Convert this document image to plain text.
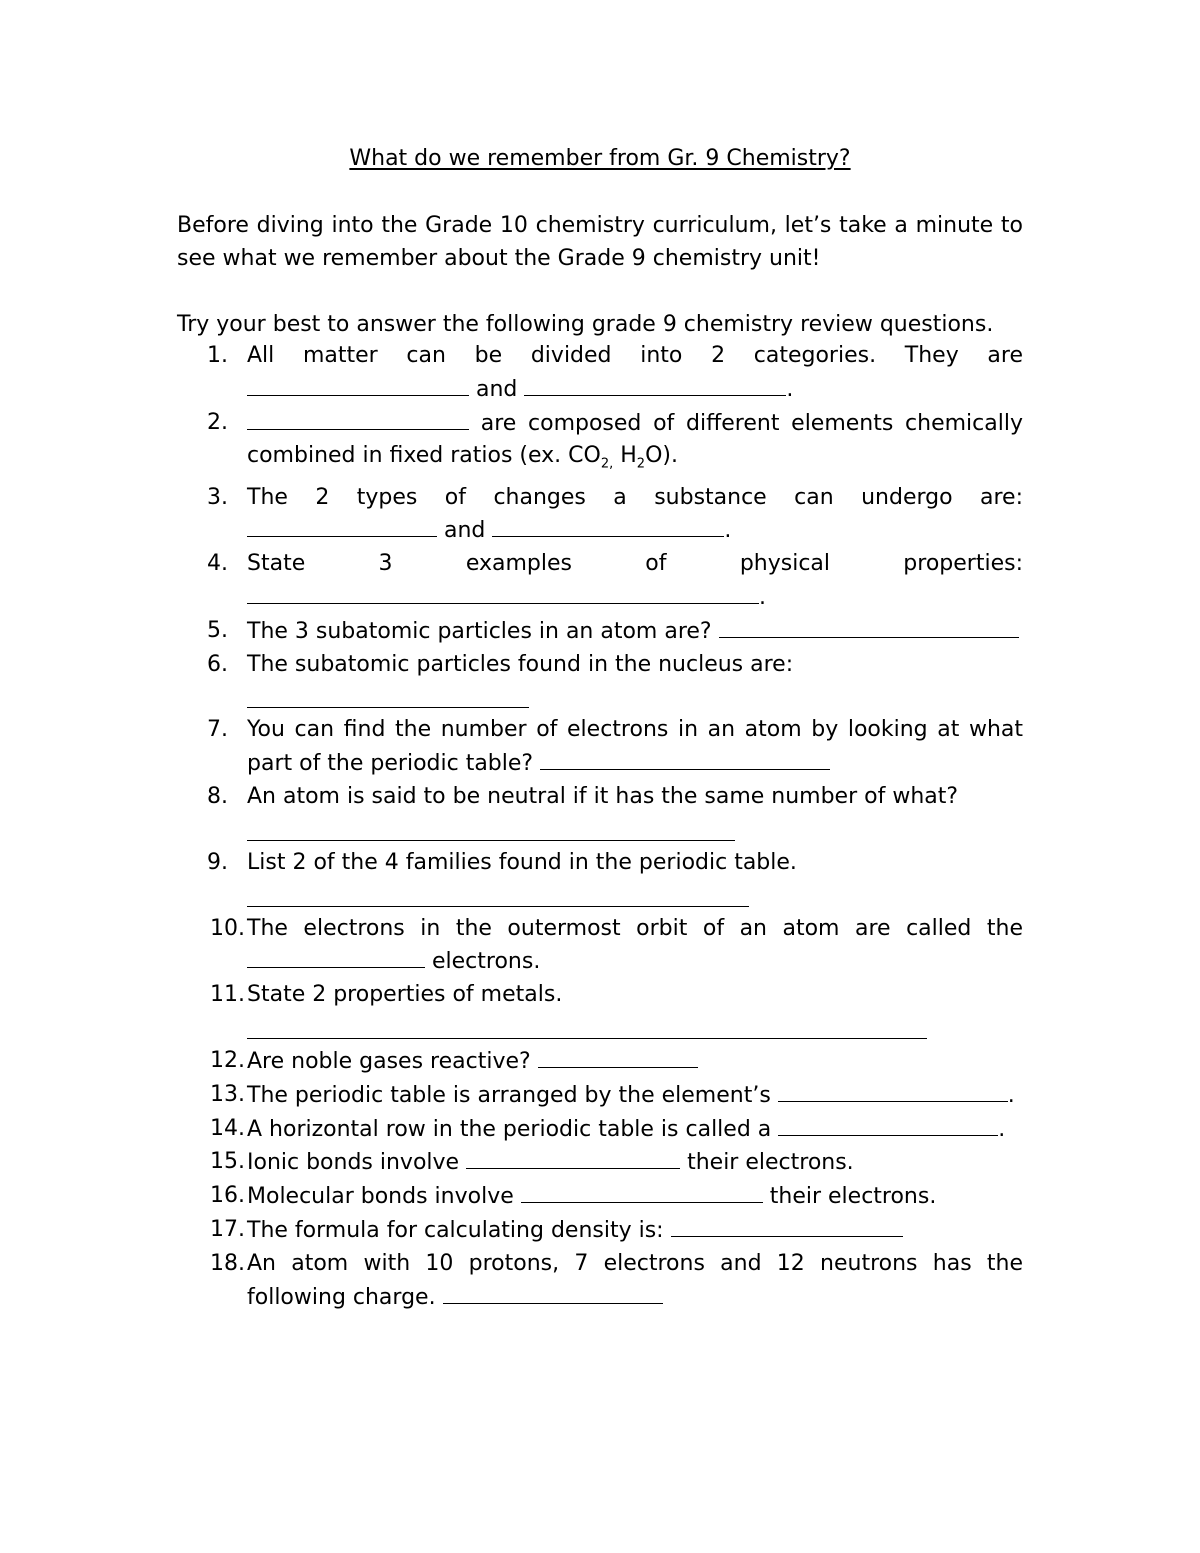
What do we remember from Gr. 9 Chemistry?
Before diving into the Grade 10 chemistry curriculum, let’s take a minute to see what we remember about the Grade 9 chemistry unit!
Try your best to answer the following grade 9 chemistry review questions.
1. All matter can be divided into 2 categories. They are  and	.
2.	are composed of different elements chemically combined in fixed ratios (ex. $CO_{2,}$ $H_2O$).
3. The 2 types of changes a substance can undergo are:  and	.
4. State 3 examples of physical properties: .
5. The 3 subatomic particles in an atom are?
6. The subatomic particles found in the nucleus are:
7. You can find the number of electrons in an atom by looking at what part of the periodic table?
8. An atom is said to be neutral if it has the same number of what?
9. List 2 of the 4 families found in the periodic table.
10. The electrons in the outermost orbit of an atom are called the  electrons.
11. State 2 properties of metals.
12. Are noble gases reactive?
13. The periodic table is arranged by the element’s	.
14. A horizontal row in the periodic table is called a	.
15. Ionic bonds involve	their electrons.
16. Molecular bonds involve	their electrons.
17. The formula for calculating density is:
18. An atom with 10 protons, 7 electrons and 12 neutrons has the following charge.
